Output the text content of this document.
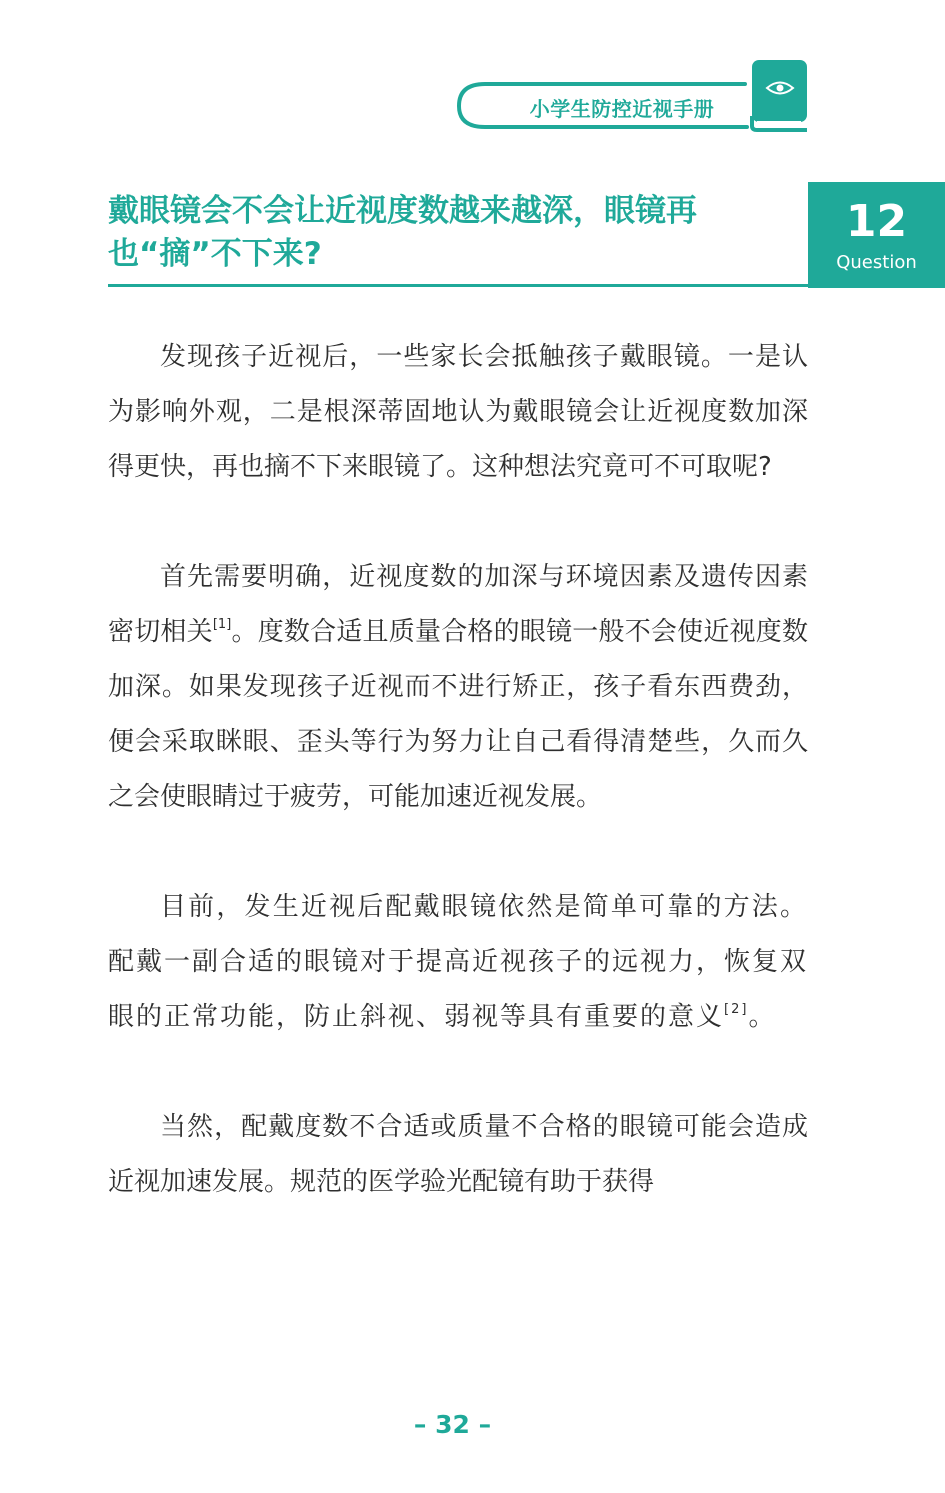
小学生防控近视手册
戴眼镜会不会让近视度数越来越深，眼镜再也“摘”不下来?
12
Question

发现孩子近视后，一些家长会抵触孩子戴眼镜。一是认为影响外观，二是根深蒂固地认为戴眼镜会让近视度数加深得更快，再也摘不下来眼镜了。这种想法究竟可不可取呢?

首先需要明确，近视度数的加深与环境因素及遗传因素密切相关[1]。度数合适且质量合格的眼镜一般不会使近视度数加深。如果发现孩子近视而不进行矫正，孩子看东西费劲，便会采取眯眼、歪头等行为努力让自己看得清楚些，久而久之会使眼睛过于疲劳，可能加速近视发展。

目前，发生近视后配戴眼镜依然是简单可靠的方法。配戴一副合适的眼镜对于提高近视孩子的远视力，恢复双眼的正常功能，防止斜视、弱视等具有重要的意义[2]。

当然，配戴度数不合适或质量不合格的眼镜可能会造成近视加速发展。规范的医学验光配镜有助于获得

– 32 –
